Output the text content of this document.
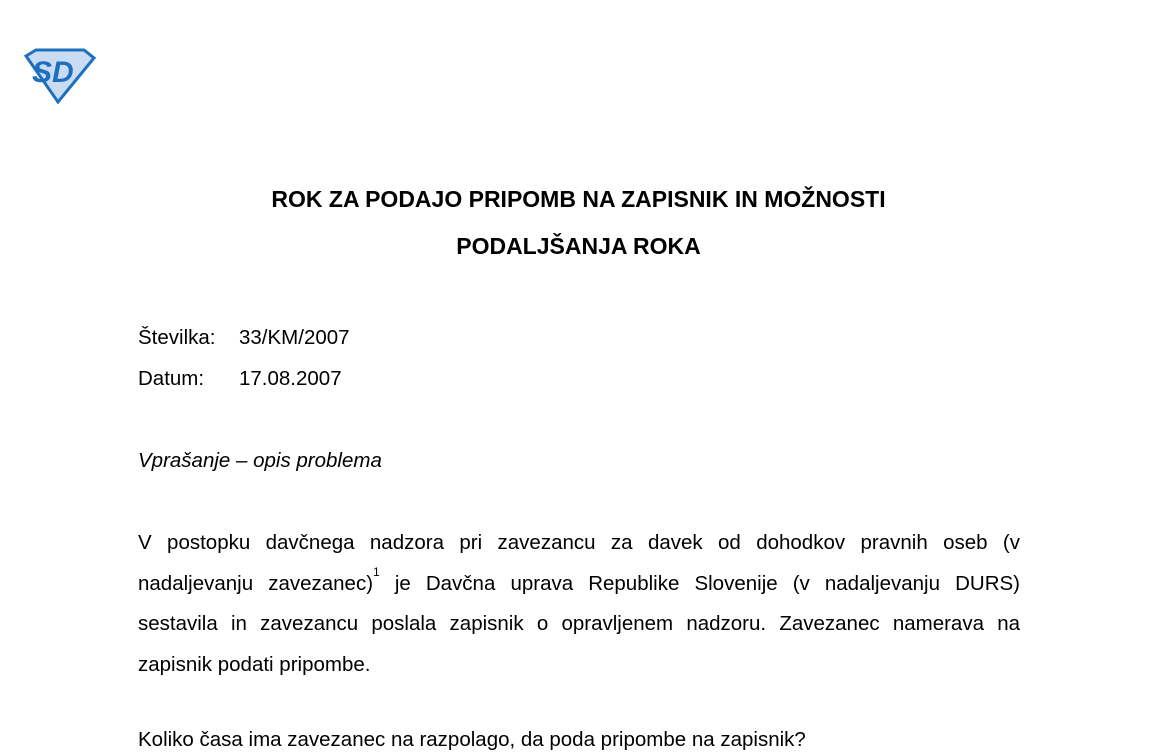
SD
ROK ZA PODAJO PRIPOMB NA ZAPISNIK IN MOŽNOSTI
PODALJŠANJA ROKA
Številka: 33/KM/2007
Datum: 17.08.2007
Vprašanje – opis problema
V postopku davčnega nadzora pri zavezancu za davek od dohodkov pravnih oseb (v nadaljevanju zavezanec)$^1$ je Davčna uprava Republike Slovenije (v nadaljevanju DURS) sestavila in zavezancu poslala zapisnik o opravljenem nadzoru. Zavezanec namerava na zapisnik podati pripombe.
Koliko časa ima zavezanec na razpolago, da poda pripombe na zapisnik?
